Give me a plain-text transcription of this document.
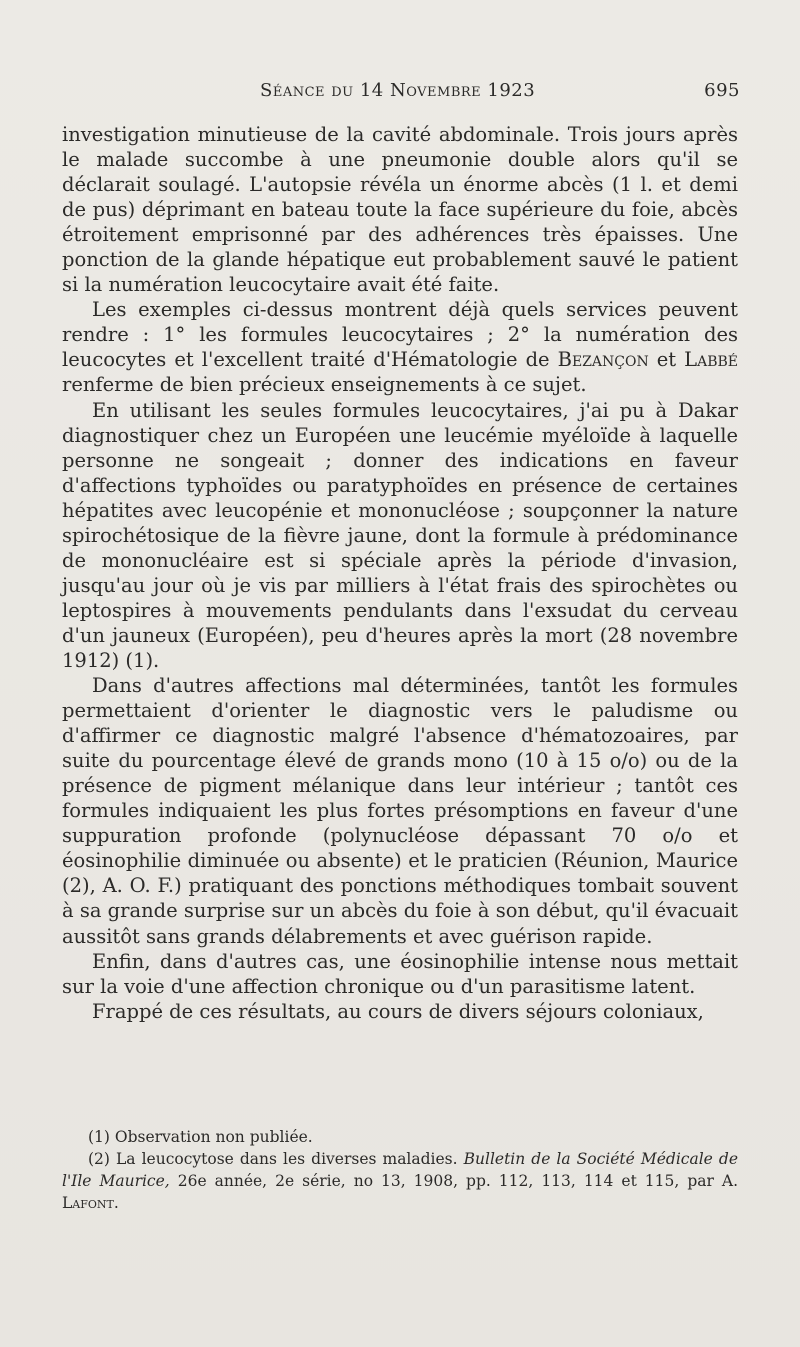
Séance du 14 Novembre 1923	695

investigation minutieuse de la cavité abdominale. Trois jours après le malade succombe à une pneumonie double alors qu'il se déclarait soulagé. L'autopsie révéla un énorme abcès (1 l. et demi de pus) déprimant en bateau toute la face supérieure du foie, abcès étroitement emprisonné par des adhérences très épaisses. Une ponction de la glande hépatique eut probablement sauvé le patient si la numération leucocytaire avait été faite.

Les exemples ci-dessus montrent déjà quels services peuvent rendre : 1° les formules leucocytaires ; 2° la numération des leucocytes et l'excellent traité d'Hématologie de Bezançon et Labbé renferme de bien précieux enseignements à ce sujet.

En utilisant les seules formules leucocytaires, j'ai pu à Dakar diagnostiquer chez un Européen une leucémie myéloïde à laquelle personne ne songeait ; donner des indications en faveur d'affections typhoïdes ou paratyphoïdes en présence de certaines hépatites avec leucopénie et mononucléose ; soupçonner la nature spirochétosique de la fièvre jaune, dont la formule à prédominance de mononucléaire est si spéciale après la période d'invasion, jusqu'au jour où je vis par milliers à l'état frais des spirochètes ou leptospires à mouvements pendulants dans l'exsudat du cerveau d'un jauneux (Européen), peu d'heures après la mort (28 novembre 1912) (1).

Dans d'autres affections mal déterminées, tantôt les formules permettaient d'orienter le diagnostic vers le paludisme ou d'affirmer ce diagnostic malgré l'absence d'hématozoaires, par suite du pourcentage élevé de grands mono (10 à 15 o/o) ou de la présence de pigment mélanique dans leur intérieur ; tantôt ces formules indiquaient les plus fortes présomptions en faveur d'une suppuration profonde (polynucléose dépassant 70 o/o et éosinophilie diminuée ou absente) et le praticien (Réunion, Maurice (2), A. O. F.) pratiquant des ponctions méthodiques tombait souvent à sa grande surprise sur un abcès du foie à son début, qu'il évacuait aussitôt sans grands délabrements et avec guérison rapide.

Enfin, dans d'autres cas, une éosinophilie intense nous mettait sur la voie d'une affection chronique ou d'un parasitisme latent.

Frappé de ces résultats, au cours de divers séjours coloniaux,

(1) Observation non publiée.

(2) La leucocytose dans les diverses maladies. Bulletin de la Société Médicale de l'Ile Maurice, 26e année, 2e série, no 13, 1908, pp. 112, 113, 114 et 115, par A. Lafont.
